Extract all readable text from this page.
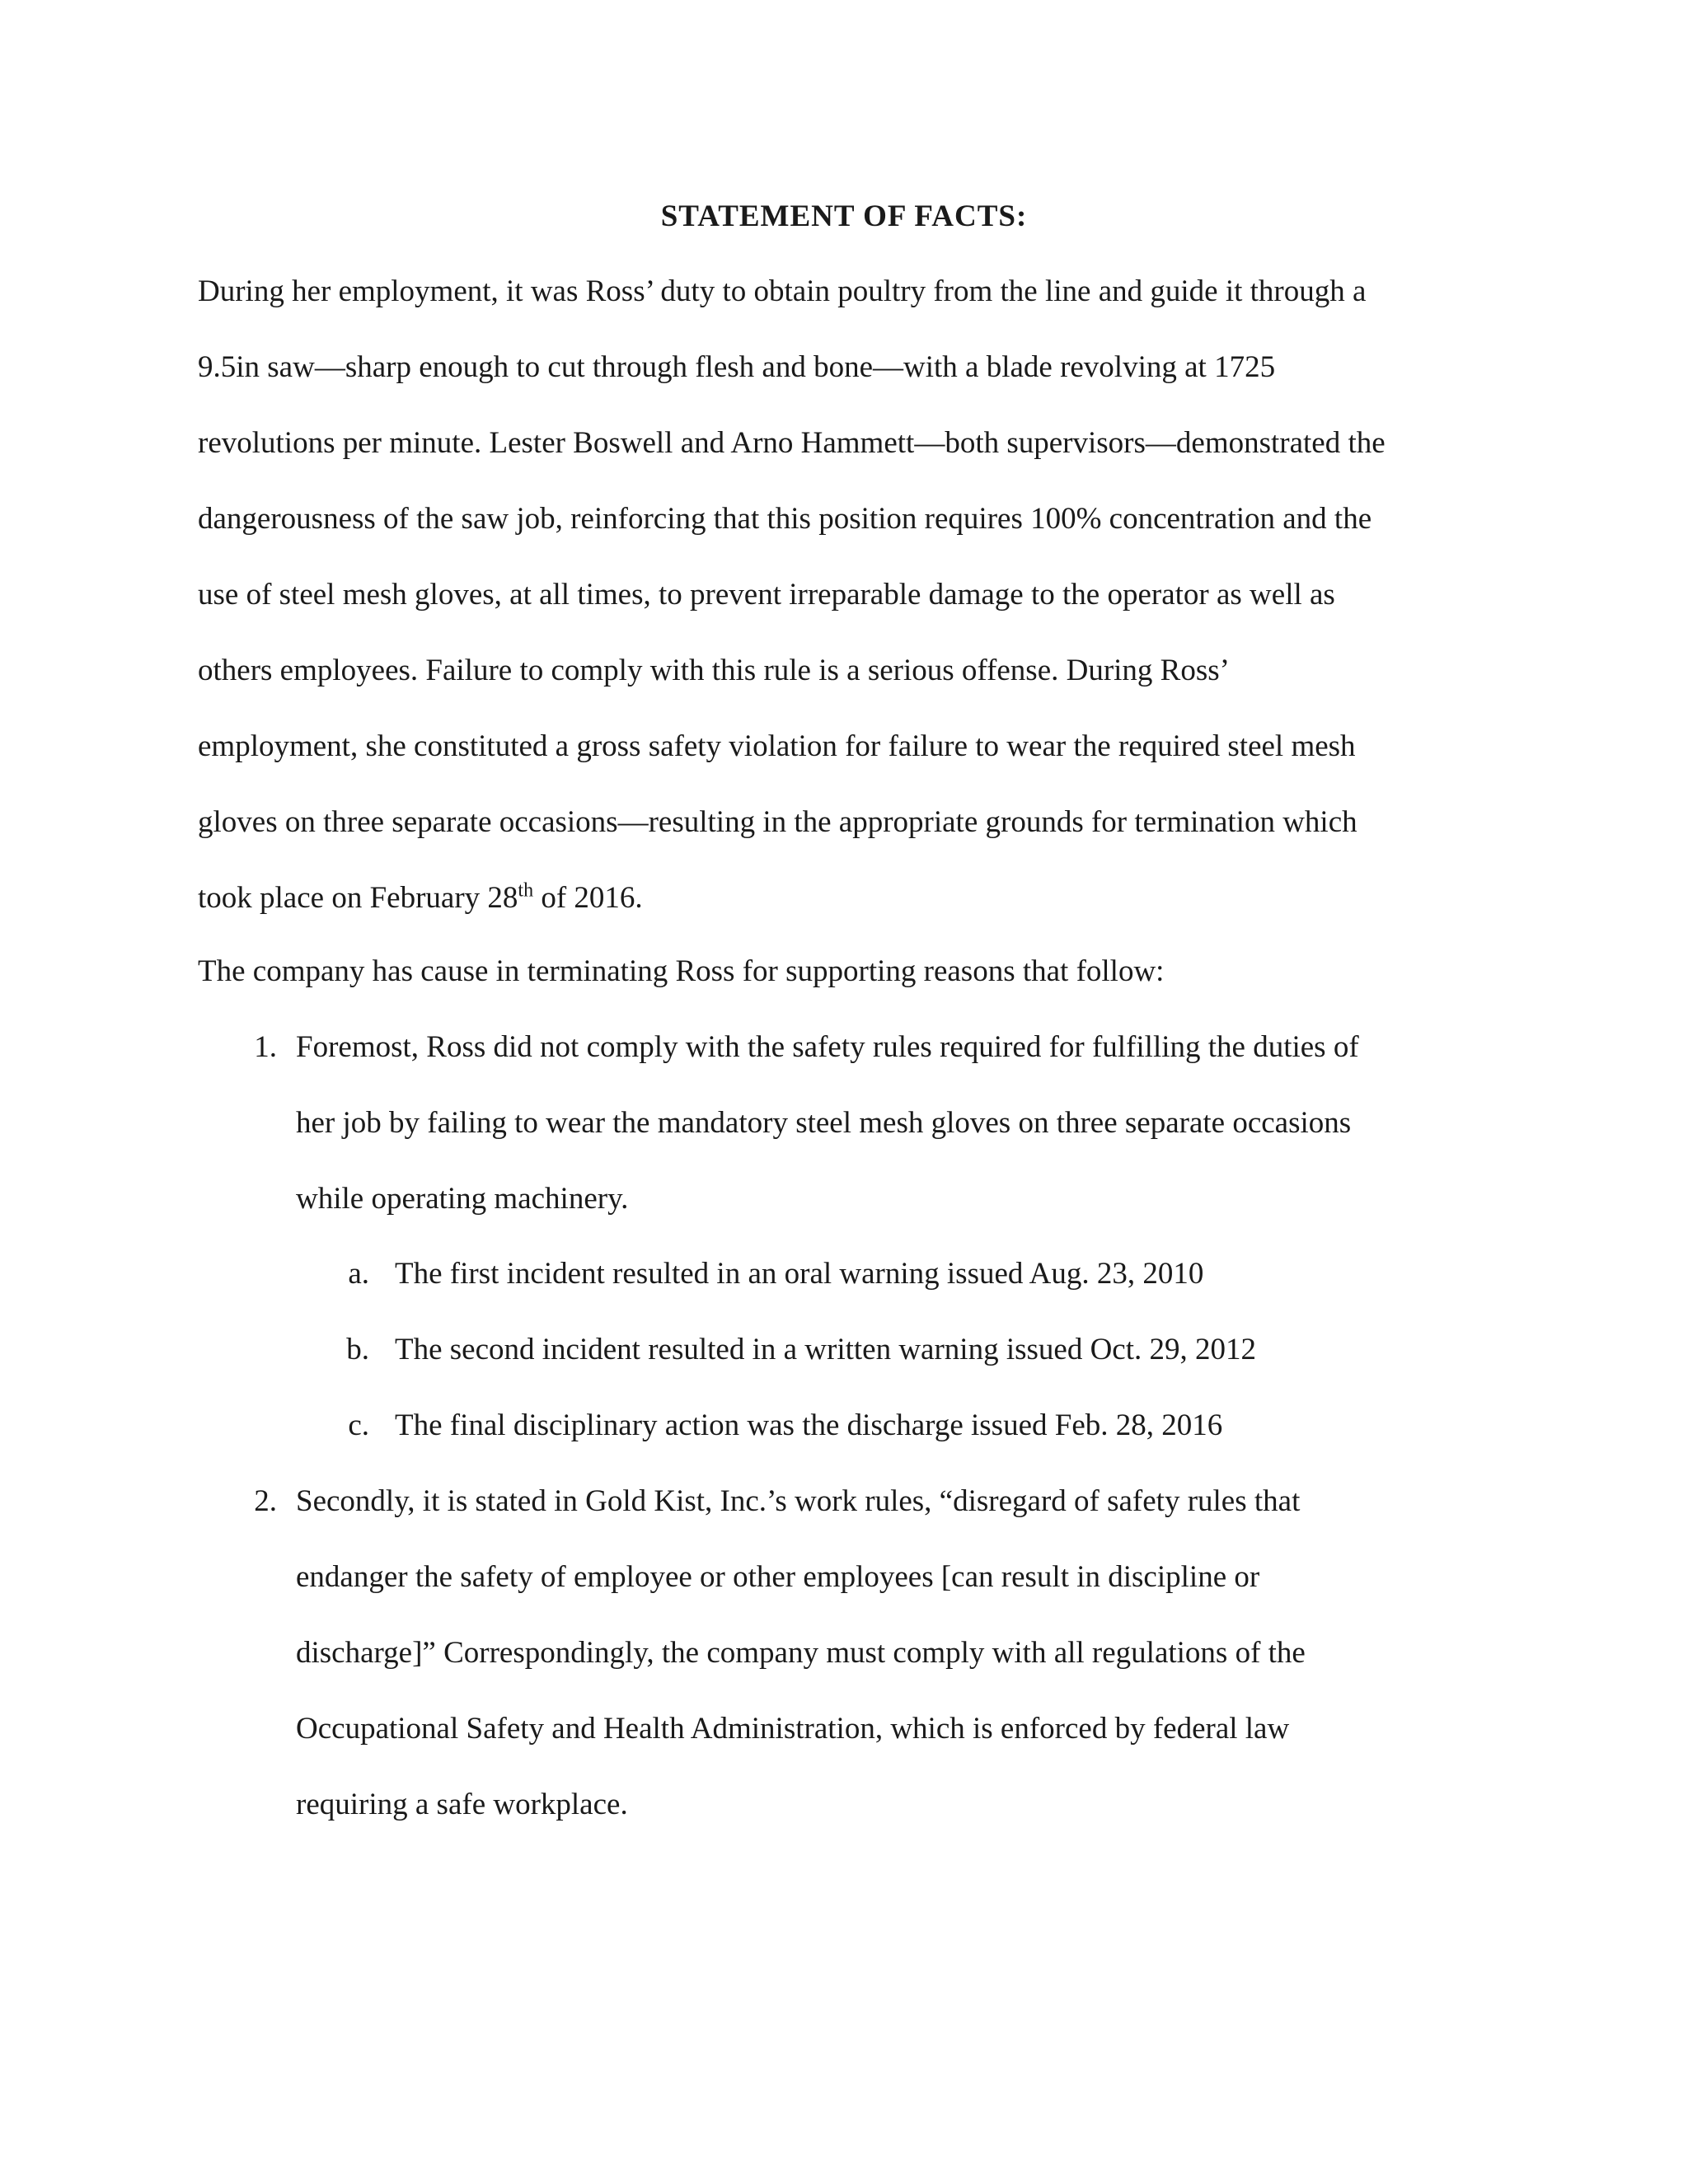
STATEMENT OF FACTS:
During her employment, it was Ross’ duty to obtain poultry from the line and guide it through a
9.5in saw—sharp enough to cut through flesh and bone—with a blade revolving at 1725
revolutions per minute. Lester Boswell and Arno Hammett—both supervisors—demonstrated the
dangerousness of the saw job, reinforcing that this position requires 100% concentration and the
use of steel mesh gloves, at all times, to prevent irreparable damage to the operator as well as
others employees. Failure to comply with this rule is a serious offense. During Ross’
employment, she constituted a gross safety violation for failure to wear the required steel mesh
gloves on three separate occasions—resulting in the appropriate grounds for termination which
took place on February 28th of 2016.
The company has cause in terminating Ross for supporting reasons that follow:
1. Foremost, Ross did not comply with the safety rules required for fulfilling the duties of
her job by failing to wear the mandatory steel mesh gloves on three separate occasions
while operating machinery.
a. The first incident resulted in an oral warning issued Aug. 23, 2010
b. The second incident resulted in a written warning issued Oct. 29, 2012
c. The final disciplinary action was the discharge issued Feb. 28, 2016
2. Secondly, it is stated in Gold Kist, Inc.’s work rules, “disregard of safety rules that
endanger the safety of employee or other employees [can result in discipline or
discharge]” Correspondingly, the company must comply with all regulations of the
Occupational Safety and Health Administration, which is enforced by federal law
requiring a safe workplace.
